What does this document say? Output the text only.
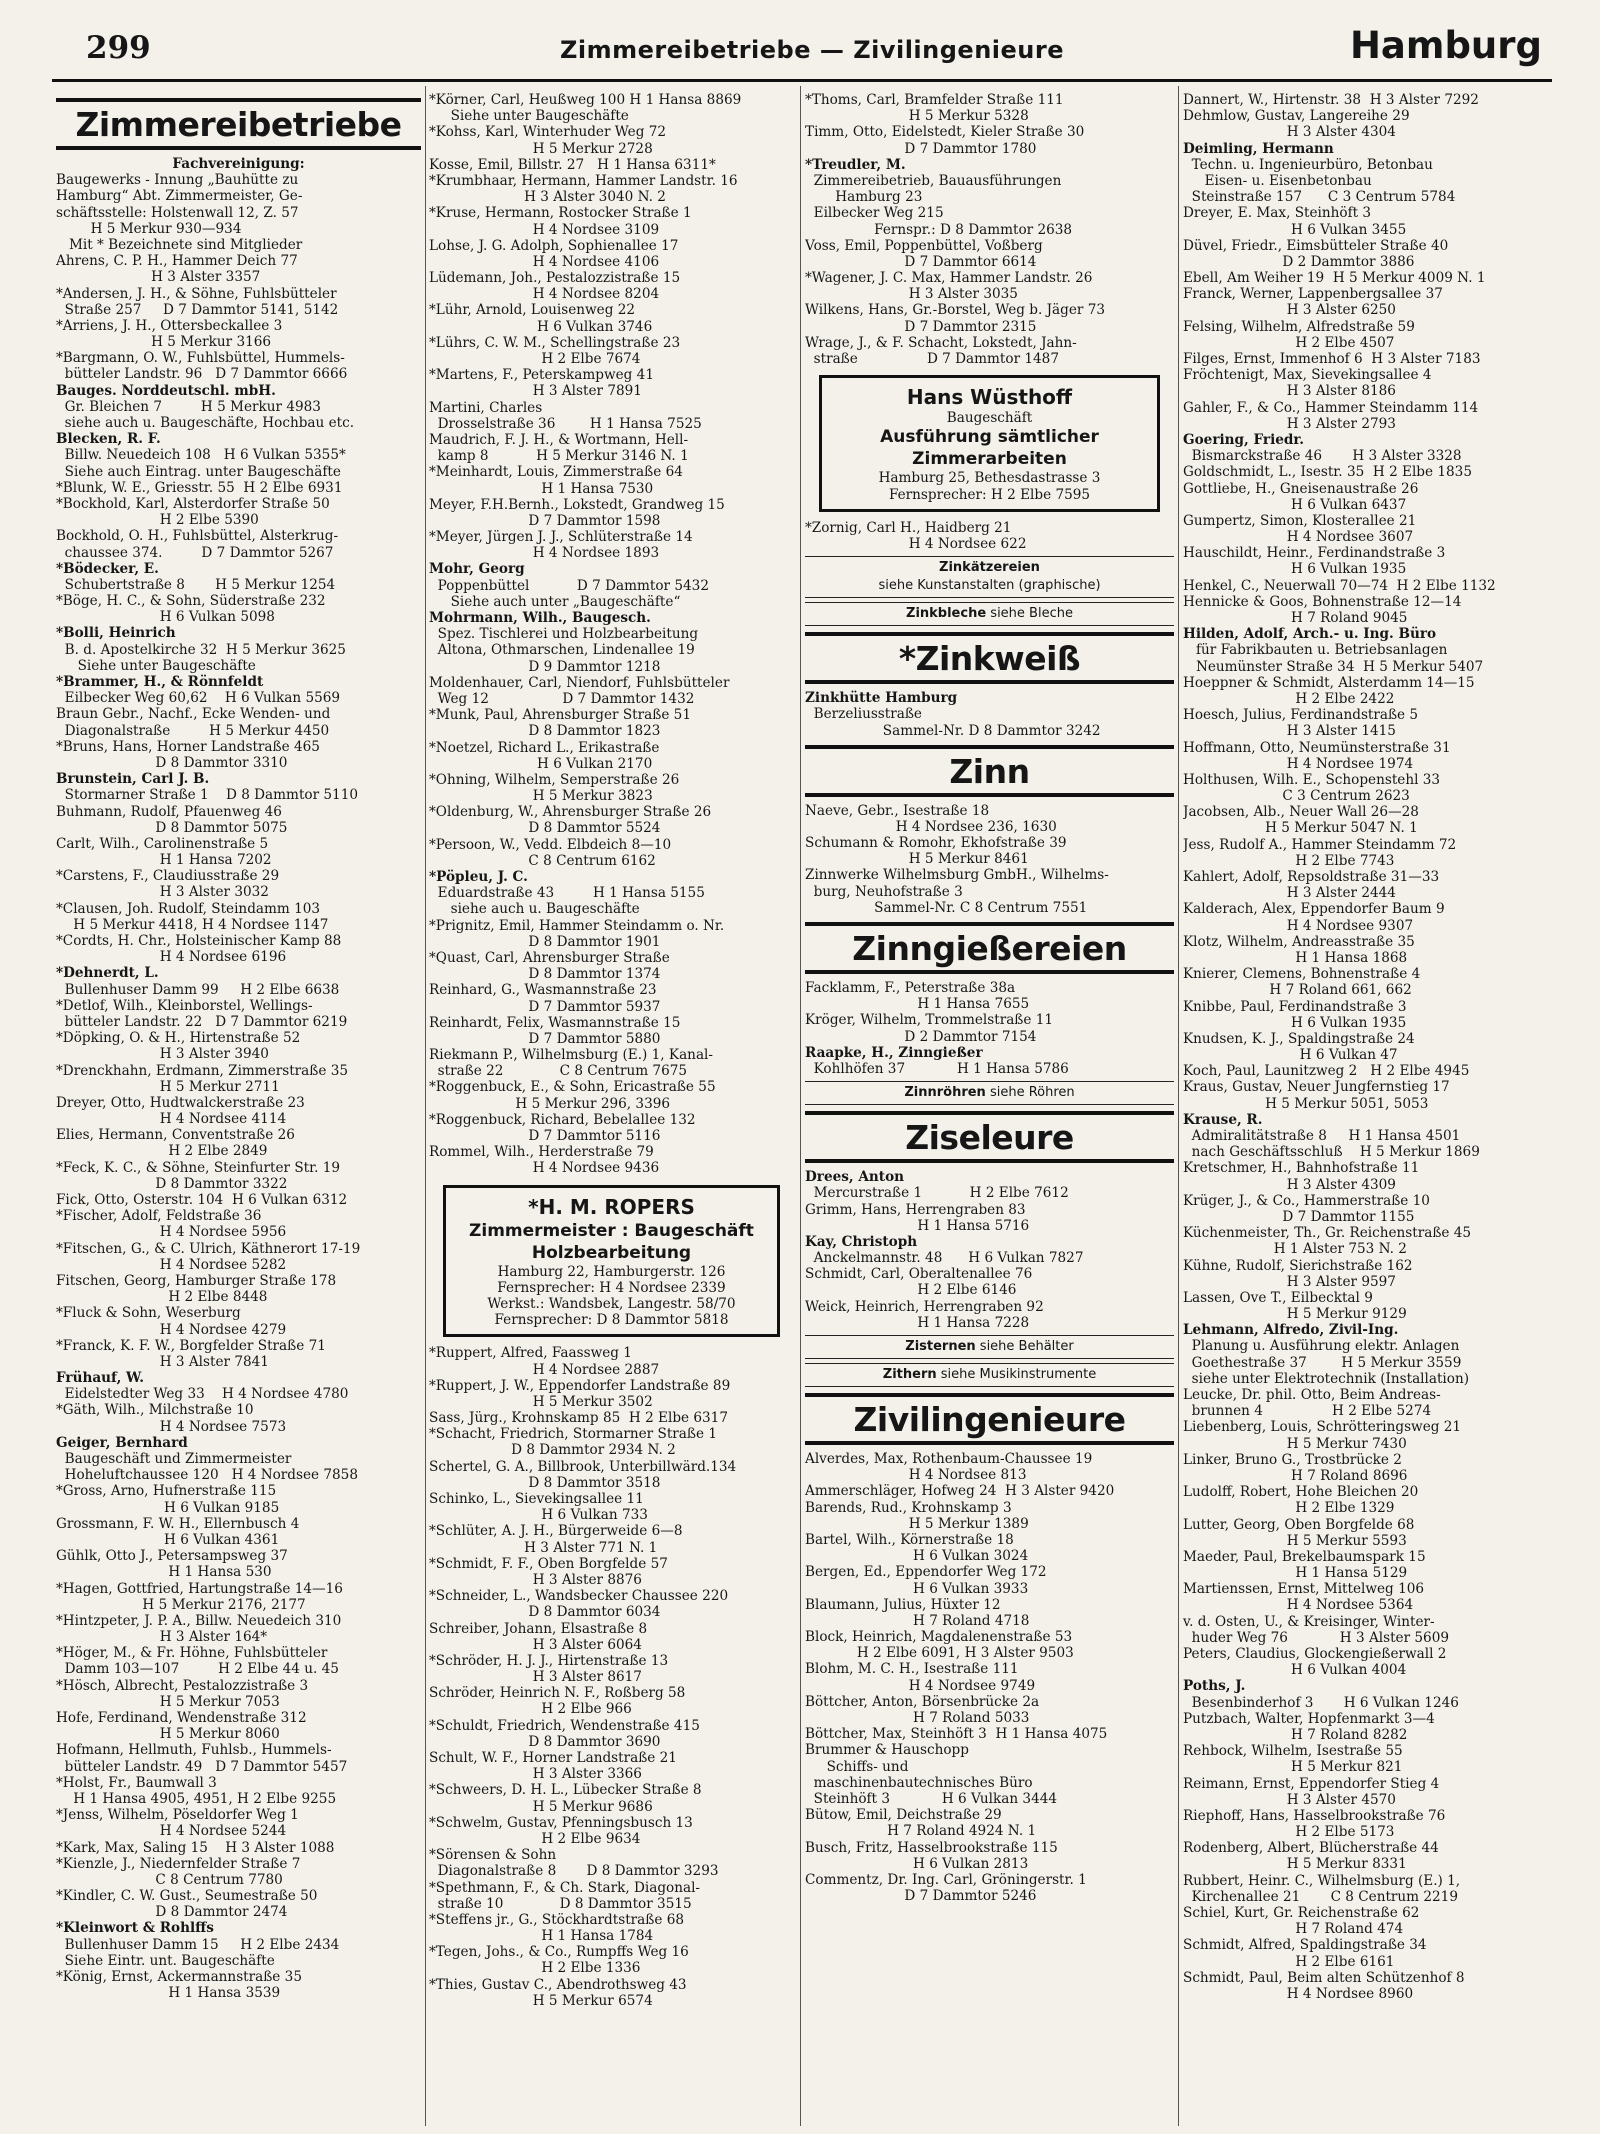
299	Zimmereibetriebe — Zivilingenieure	Hamburg
Zimmereibetriebe
Fachvereinigung:
Baugewerks - Innung „Bauhütte zu
Hamburg“ Abt. Zimmermeister, Ge-
schäftsstelle: Holstenwall 12, Z. 57
H 5 Merkur 930—934
Mit * Bezeichnete sind Mitglieder
Ahrens, C. P. H., Hammer Deich 77
H 3 Alster 3357
*Andersen, J. H., & Söhne, Fuhlsbütteler
Straße 257     D 7 Dammtor 5141, 5142
*Arriens, J. H., Ottersbeckallee 3
H 5 Merkur 3166
*Bargmann, O. W., Fuhlsbüttel, Hummels-
bütteler Landstr. 96   D 7 Dammtor 6666
Bauges. Norddeutschl. mbH.
Gr. Bleichen 7         H 5 Merkur 4983
siehe auch u. Baugeschäfte, Hochbau etc.
Blecken, R. F.
Billw. Neuedeich 108   H 6 Vulkan 5355*
Siehe auch Eintrag. unter Baugeschäfte
*Blunk, W. E., Griesstr. 55  H 2 Elbe 6931
*Bockhold, Karl, Alsterdorfer Straße 50
H 2 Elbe 5390
Bockhold, O. H., Fuhlsbüttel, Alsterkrug-
chaussee 374.         D 7 Dammtor 5267
*Bödecker, E.
Schubertstraße 8       H 5 Merkur 1254
*Böge, H. C., & Sohn, Süderstraße 232
H 6 Vulkan 5098
*Bolli, Heinrich
B. d. Apostelkirche 32  H 5 Merkur 3625
Siehe unter Baugeschäfte
*Brammer, H., & Rönnfeldt
Eilbecker Weg 60,62    H 6 Vulkan 5569
Braun Gebr., Nachf., Ecke Wenden- und
Diagonalstraße         H 5 Merkur 4450
*Bruns, Hans, Horner Landstraße 465
D 8 Dammtor 3310
Brunstein, Carl J. B.
Stormarner Straße 1    D 8 Dammtor 5110
Buhmann, Rudolf, Pfauenweg 46
D 8 Dammtor 5075
Carlt, Wilh., Carolinenstraße 5
H 1 Hansa 7202
*Carstens, F., Claudiusstraße 29
H 3 Alster 3032
*Clausen, Joh. Rudolf, Steindamm 103
H 5 Merkur 4418, H 4 Nordsee 1147
*Cordts, H. Chr., Holsteinischer Kamp 88
H 4 Nordsee 6196
*Dehnerdt, L.
Bullenhuser Damm 99     H 2 Elbe 6638
*Detlof, Wilh., Kleinborstel, Wellings-
bütteler Landstr. 22   D 7 Dammtor 6219
*Döpking, O. & H., Hirtenstraße 52
H 3 Alster 3940
*Drenckhahn, Erdmann, Zimmerstraße 35
H 5 Merkur 2711
Dreyer, Otto, Hudtwalckerstraße 23
H 4 Nordsee 4114
Elies, Hermann, Conventstraße 26
H 2 Elbe 2849
*Feck, K. C., & Söhne, Steinfurter Str. 19
D 8 Dammtor 3322
Fick, Otto, Osterstr. 104  H 6 Vulkan 6312
*Fischer, Adolf, Feldstraße 36
H 4 Nordsee 5956
*Fitschen, G., & C. Ulrich, Käthnerort 17-19
H 4 Nordsee 5282
Fitschen, Georg, Hamburger Straße 178
H 2 Elbe 8448
*Fluck & Sohn, Weserburg
H 4 Nordsee 4279
*Franck, K. F. W., Borgfelder Straße 71
H 3 Alster 7841
Frühauf, W.
Eidelstedter Weg 33    H 4 Nordsee 4780
*Gäth, Wilh., Milchstraße 10
H 4 Nordsee 7573
Geiger, Bernhard
Baugeschäft und Zimmermeister
Hoheluftchaussee 120   H 4 Nordsee 7858
*Gross, Arno, Hufnerstraße 115
H 6 Vulkan 9185
Grossmann, F. W. H., Ellernbusch 4
H 6 Vulkan 4361
Gühlk, Otto J., Petersampsweg 37
H 1 Hansa 530
*Hagen, Gottfried, Hartungstraße 14—16
H 5 Merkur 2176, 2177
*Hintzpeter, J. P. A., Billw. Neuedeich 310
H 3 Alster 164*
*Höger, M., & Fr. Höhne, Fuhlsbütteler
Damm 103—107         H 2 Elbe 44 u. 45
*Hösch, Albrecht, Pestalozzistraße 3
H 5 Merkur 7053
Hofe, Ferdinand, Wendenstraße 312
H 5 Merkur 8060
Hofmann, Hellmuth, Fuhlsb., Hummels-
bütteler Landstr. 49   D 7 Dammtor 5457
*Holst, Fr., Baumwall 3
H 1 Hansa 4905, 4951, H 2 Elbe 9255
*Jenss, Wilhelm, Pöseldorfer Weg 1
H 4 Nordsee 5244
*Kark, Max, Saling 15    H 3 Alster 1088
*Kienzle, J., Niedernfelder Straße 7
C 8 Centrum 7780
*Kindler, C. W. Gust., Seumestraße 50
D 8 Dammtor 2474
*Kleinwort & Rohlffs
Bullenhuser Damm 15     H 2 Elbe 2434
Siehe Eintr. unt. Baugeschäfte
*König, Ernst, Ackermannstraße 35
H 1 Hansa 3539
*Körner, Carl, Heußweg 100 H 1 Hansa 8869
Siehe unter Baugeschäfte
*Kohss, Karl, Winterhuder Weg 72
H 5 Merkur 2728
Kosse, Emil, Billstr. 27   H 1 Hansa 6311*
*Krumbhaar, Hermann, Hammer Landstr. 16
H 3 Alster 3040 N. 2
*Kruse, Hermann, Rostocker Straße 1
H 4 Nordsee 3109
Lohse, J. G. Adolph, Sophienallee 17
H 4 Nordsee 4106
Lüdemann, Joh., Pestalozzistraße 15
H 4 Nordsee 8204
*Lühr, Arnold, Louisenweg 22
H 6 Vulkan 3746
*Lührs, C. W. M., Schellingstraße 23
H 2 Elbe 7674
*Martens, F., Peterskampweg 41
H 3 Alster 7891
Martini, Charles
Drosselstraße 36        H 1 Hansa 7525
Maudrich, F. J. H., & Wortmann, Hell-
kamp 8           H 5 Merkur 3146 N. 1
*Meinhardt, Louis, Zimmerstraße 64
H 1 Hansa 7530
Meyer, F.H.Bernh., Lokstedt, Grandweg 15
D 7 Dammtor 1598
*Meyer, Jürgen J. J., Schlüterstraße 14
H 4 Nordsee 1893
Mohr, Georg
Poppenbüttel           D 7 Dammtor 5432
Siehe auch unter „Baugeschäfte“
Mohrmann, Wilh., Baugesch.
Spez. Tischlerei und Holzbearbeitung
Altona, Othmarschen, Lindenallee 19
D 9 Dammtor 1218
Moldenhauer, Carl, Niendorf, Fuhlsbütteler
Weg 12                 D 7 Dammtor 1432
*Munk, Paul, Ahrensburger Straße 51
D 8 Dammtor 1823
*Noetzel, Richard L., Erikastraße
H 6 Vulkan 2170
*Ohning, Wilhelm, Semperstraße 26
H 5 Merkur 3823
*Oldenburg, W., Ahrensburger Straße 26
D 8 Dammtor 5524
*Persoon, W., Vedd. Elbdeich 8—10
C 8 Centrum 6162
*Pöpleu, J. C.
Eduardstraße 43         H 1 Hansa 5155
siehe auch u. Baugeschäfte
*Prignitz, Emil, Hammer Steindamm o. Nr.
D 8 Dammtor 1901
*Quast, Carl, Ahrensburger Straße
D 8 Dammtor 1374
Reinhard, G., Wasmannstraße 23
D 7 Dammtor 5937
Reinhardt, Felix, Wasmannstraße 15
D 7 Dammtor 5880
Riekmann P., Wilhelmsburg (E.) 1, Kanal-
straße 22             C 8 Centrum 7675
*Roggenbuck, E., & Sohn, Ericastraße 55
H 5 Merkur 296, 3396
*Roggenbuck, Richard, Bebelallee 132
D 7 Dammtor 5116
Rommel, Wilh., Herderstraße 79
H 4 Nordsee 9436
*H. M. ROPERS
Zimmermeister : Baugeschäft
Holzbearbeitung
Hamburg 22, Hamburgerstr. 126
Fernsprecher: H 4 Nordsee 2339
Werkst.: Wandsbek, Langestr. 58/70
Fernsprecher: D 8 Dammtor 5818
*Ruppert, Alfred, Faassweg 1
H 4 Nordsee 2887
*Ruppert, J. W., Eppendorfer Landstraße 89
H 5 Merkur 3502
Sass, Jürg., Krohnskamp 85  H 2 Elbe 6317
*Schacht, Friedrich, Stormarner Straße 1
D 8 Dammtor 2934 N. 2
Schertel, G. A., Billbrook, Unterbillwärd.134
D 8 Dammtor 3518
Schinko, L., Sievekingsallee 11
H 6 Vulkan 733
*Schlüter, A. J. H., Bürgerweide 6—8
H 3 Alster 771 N. 1
*Schmidt, F. F., Oben Borgfelde 57
H 3 Alster 8876
*Schneider, L., Wandsbecker Chaussee 220
D 8 Dammtor 6034
Schreiber, Johann, Elsastraße 8
H 3 Alster 6064
*Schröder, H. J. J., Hirtenstraße 13
H 3 Alster 8617
Schröder, Heinrich N. F., Roßberg 58
H 2 Elbe 966
*Schuldt, Friedrich, Wendenstraße 415
D 8 Dammtor 3690
Schult, W. F., Horner Landstraße 21
H 3 Alster 3366
*Schweers, D. H. L., Lübecker Straße 8
H 5 Merkur 9686
*Schwelm, Gustav, Pfenningsbusch 13
H 2 Elbe 9634
*Sörensen & Sohn
Diagonalstraße 8       D 8 Dammtor 3293
*Spethmann, F., & Ch. Stark, Diagonal-
straße 10             D 8 Dammtor 3515
*Steffens jr., G., Stöckhardtstraße 68
H 1 Hansa 1784
*Tegen, Johs., & Co., Rumpffs Weg 16
H 2 Elbe 1336
*Thies, Gustav C., Abendrothsweg 43
H 5 Merkur 6574
*Thoms, Carl, Bramfelder Straße 111
H 5 Merkur 5328
Timm, Otto, Eidelstedt, Kieler Straße 30
D 7 Dammtor 1780
*Treudler, M.
Zimmereibetrieb, Bauausführungen
Hamburg 23
Eilbecker Weg 215
Fernspr.: D 8 Dammtor 2638
Voss, Emil, Poppenbüttel, Voßberg
D 7 Dammtor 6614
*Wagener, J. C. Max, Hammer Landstr. 26
H 3 Alster 3035
Wilkens, Hans, Gr.-Borstel, Weg b. Jäger 73
D 7 Dammtor 2315
Wrage, J., & F. Schacht, Lokstedt, Jahn-
straße                D 7 Dammtor 1487
Hans Wüsthoff
Baugeschäft
Ausführung sämtlicher
Zimmerarbeiten
Hamburg 25, Bethesdastrasse 3
Fernsprecher: H 2 Elbe 7595
*Zornig, Carl H., Haidberg 21
H 4 Nordsee 622
Zinkätzereien
siehe Kunstanstalten (graphische)
Zinkbleche siehe Bleche
*Zinkweiß
Zinkhütte Hamburg
Berzeliusstraße
Sammel-Nr. D 8 Dammtor 3242
Zinn
Naeve, Gebr., Isestraße 18
H 4 Nordsee 236, 1630
Schumann & Romohr, Ekhofstraße 39
H 5 Merkur 8461
Zinnwerke Wilhelmsburg GmbH., Wilhelms-
burg, Neuhofstraße 3
Sammel-Nr. C 8 Centrum 7551
Zinngießereien
Facklamm, F., Peterstraße 38a
H 1 Hansa 7655
Kröger, Wilhelm, Trommelstraße 11
D 2 Dammtor 7154
Raapke, H., Zinngießer
Kohlhöfen 37            H 1 Hansa 5786
Zinnröhren siehe Röhren
Ziseleure
Drees, Anton
Mercurstraße 1           H 2 Elbe 7612
Grimm, Hans, Herrengraben 83
H 1 Hansa 5716
Kay, Christoph
Anckelmannstr. 48      H 6 Vulkan 7827
Schmidt, Carl, Oberaltenallee 76
H 2 Elbe 6146
Weick, Heinrich, Herrengraben 92
H 1 Hansa 7228
Zisternen siehe Behälter
Zithern siehe Musikinstrumente
Zivilingenieure
Alverdes, Max, Rothenbaum-Chaussee 19
H 4 Nordsee 813
Ammerschläger, Hofweg 24  H 3 Alster 9420
Barends, Rud., Krohnskamp 3
H 5 Merkur 1389
Bartel, Wilh., Körnerstraße 18
H 6 Vulkan 3024
Bergen, Ed., Eppendorfer Weg 172
H 6 Vulkan 3933
Blaumann, Julius, Hüxter 12
H 7 Roland 4718
Block, Heinrich, Magdalenenstraße 53
H 2 Elbe 6091, H 3 Alster 9503
Blohm, M. C. H., Isestraße 111
H 4 Nordsee 9749
Böttcher, Anton, Börsenbrücke 2a
H 7 Roland 5033
Böttcher, Max, Steinhöft 3  H 1 Hansa 4075
Brummer & Hauschopp
Schiffs- und
maschinenbautechnisches Büro
Steinhöft 3            H 6 Vulkan 3444
Bütow, Emil, Deichstraße 29
H 7 Roland 4924 N. 1
Busch, Fritz, Hasselbrookstraße 115
H 6 Vulkan 2813
Commentz, Dr. Ing. Carl, Gröningerstr. 1
D 7 Dammtor 5246
Dannert, W., Hirtenstr. 38  H 3 Alster 7292
Dehmlow, Gustav, Langereihe 29
H 3 Alster 4304
Deimling, Hermann
Techn. u. Ingenieurbüro, Betonbau
Eisen- u. Eisenbetonbau
Steinstraße 157      C 3 Centrum 5784
Dreyer, E. Max, Steinhöft 3
H 6 Vulkan 3455
Düvel, Friedr., Eimsbütteler Straße 40
D 2 Dammtor 3886
Ebell, Am Weiher 19  H 5 Merkur 4009 N. 1
Franck, Werner, Lappenbergsallee 37
H 3 Alster 6250
Felsing, Wilhelm, Alfredstraße 59
H 2 Elbe 4507
Filges, Ernst, Immenhof 6  H 3 Alster 7183
Fröchtenigt, Max, Sievekingsallee 4
H 3 Alster 8186
Gahler, F., & Co., Hammer Steindamm 114
H 3 Alster 2793
Goering, Friedr.
Bismarckstraße 46       H 3 Alster 3328
Goldschmidt, L., Isestr. 35  H 2 Elbe 1835
Gottliebe, H., Gneisenaustraße 26
H 6 Vulkan 6437
Gumpertz, Simon, Klosterallee 21
H 4 Nordsee 3607
Hauschildt, Heinr., Ferdinandstraße 3
H 6 Vulkan 1935
Henkel, C., Neuerwall 70—74  H 2 Elbe 1132
Hennicke & Goos, Bohnenstraße 12—14
H 7 Roland 9045
Hilden, Adolf, Arch.- u. Ing. Büro
für Fabrikbauten u. Betriebsanlagen
Neumünster Straße 34  H 5 Merkur 5407
Hoeppner & Schmidt, Alsterdamm 14—15
H 2 Elbe 2422
Hoesch, Julius, Ferdinandstraße 5
H 3 Alster 1415
Hoffmann, Otto, Neumünsterstraße 31
H 4 Nordsee 1974
Holthusen, Wilh. E., Schopenstehl 33
C 3 Centrum 2623
Jacobsen, Alb., Neuer Wall 26—28
H 5 Merkur 5047 N. 1
Jess, Rudolf A., Hammer Steindamm 72
H 2 Elbe 7743
Kahlert, Adolf, Repsoldstraße 31—33
H 3 Alster 2444
Kalderach, Alex, Eppendorfer Baum 9
H 4 Nordsee 9307
Klotz, Wilhelm, Andreasstraße 35
H 1 Hansa 1868
Knierer, Clemens, Bohnenstraße 4
H 7 Roland 661, 662
Knibbe, Paul, Ferdinandstraße 3
H 6 Vulkan 1935
Knudsen, K. J., Spaldingstraße 24
H 6 Vulkan 47
Koch, Paul, Launitzweg 2   H 2 Elbe 4945
Kraus, Gustav, Neuer Jungfernstieg 17
H 5 Merkur 5051, 5053
Krause, R.
Admiralitätstraße 8     H 1 Hansa 4501
nach Geschäftsschluß    H 5 Merkur 1869
Kretschmer, H., Bahnhofstraße 11
H 3 Alster 4309
Krüger, J., & Co., Hammerstraße 10
D 7 Dammtor 1155
Küchenmeister, Th., Gr. Reichenstraße 45
H 1 Alster 753 N. 2
Kühne, Rudolf, Sierichstraße 162
H 3 Alster 9597
Lassen, Ove T., Eilbecktal 9
H 5 Merkur 9129
Lehmann, Alfredo, Zivil-Ing.
Planung u. Ausführung elektr. Anlagen
Goethestraße 37        H 5 Merkur 3559
siehe unter Elektrotechnik (Installation)
Leucke, Dr. phil. Otto, Beim Andreas-
brunnen 4                H 2 Elbe 5274
Liebenberg, Louis, Schrötteringsweg 21
H 5 Merkur 7430
Linker, Bruno G., Trostbrücke 2
H 7 Roland 8696
Ludolff, Robert, Hohe Bleichen 20
H 2 Elbe 1329
Lutter, Georg, Oben Borgfelde 68
H 5 Merkur 5593
Maeder, Paul, Brekelbaumspark 15
H 1 Hansa 5129
Martienssen, Ernst, Mittelweg 106
H 4 Nordsee 5364
v. d. Osten, U., & Kreisinger, Winter-
huder Weg 76            H 3 Alster 5609
Peters, Claudius, Glockengießerwall 2
H 6 Vulkan 4004
Poths, J.
Besenbinderhof 3       H 6 Vulkan 1246
Putzbach, Walter, Hopfenmarkt 3—4
H 7 Roland 8282
Rehbock, Wilhelm, Isestraße 55
H 5 Merkur 821
Reimann, Ernst, Eppendorfer Stieg 4
H 3 Alster 4570
Riephoff, Hans, Hasselbrookstraße 76
H 2 Elbe 5173
Rodenberg, Albert, Blücherstraße 44
H 5 Merkur 8331
Rubbert, Heinr. C., Wilhelmsburg (E.) 1,
Kirchenallee 21       C 8 Centrum 2219
Schiel, Kurt, Gr. Reichenstraße 62
H 7 Roland 474
Schmidt, Alfred, Spaldingstraße 34
H 2 Elbe 6161
Schmidt, Paul, Beim alten Schützenhof 8
H 4 Nordsee 8960
